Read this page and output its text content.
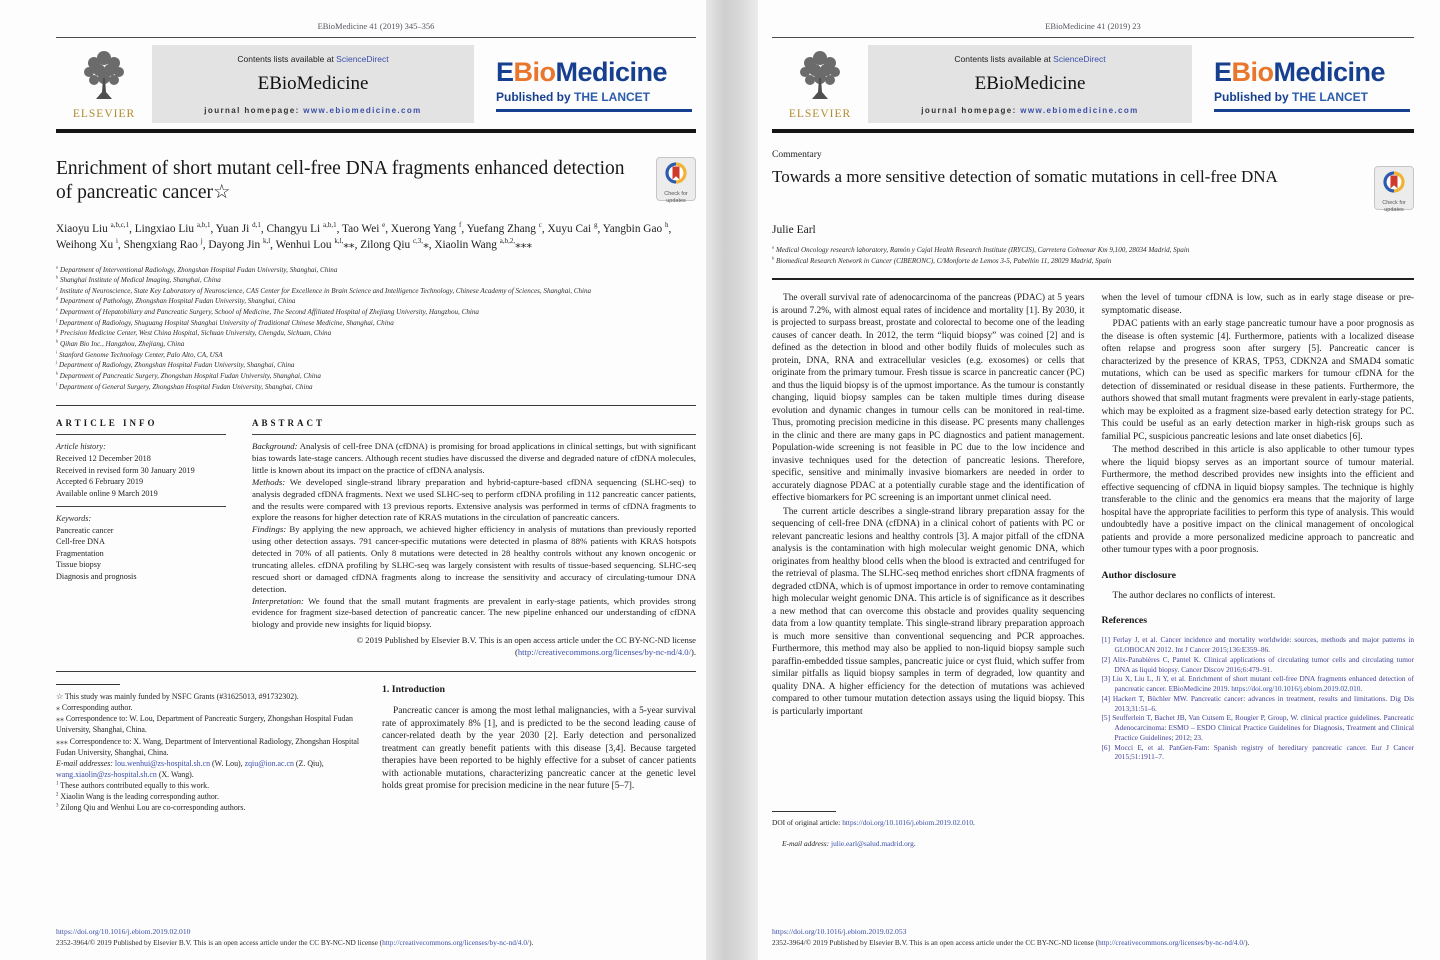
EBioMedicine 41 (2019) 345–356
ELSEVIER
Contents lists available at ScienceDirect
EBioMedicine
journal homepage: www.ebiomedicine.com
EBioMedicine
Published by THE LANCET
Enrichment of short mutant cell-free DNA fragments enhanced detection of pancreatic cancer☆	Check for
updates
Xiaoyu Liu $^{a,b,c,1}$, Lingxiao Liu $^{a,b,1}$, Yuan Ji $^{d,1}$, Changyu Li $^{a,b,1}$, Tao Wei $^e$, Xuerong Yang $^f$, Yuefang Zhang $^c$, Xuyu Cai $^g$, Yangbin Gao $^h$, Weihong Xu $^i$, Shengxiang Rao $^j$, Dayong Jin $^{k,l}$, Wenhui Lou $^{k,l,}$⁎⁎, Zilong Qiu $^{c,3,}$⁎, Xiaolin Wang $^{a,b,2,}$⁎⁎⁎
$^a$ Department of Interventional Radiology, Zhongshan Hospital Fudan University, Shanghai, China
$^b$ Shanghai Institute of Medical Imaging, Shanghai, China
$^c$ Institute of Neuroscience, State Key Laboratory of Neuroscience, CAS Center for Excellence in Brain Science and Intelligence Technology, Chinese Academy of Sciences, Shanghai, China
$^d$ Department of Pathology, Zhongshan Hospital Fudan University, Shanghai, China
$^e$ Department of Hepatobiliary and Pancreatic Surgery, School of Medicine, The Second Affiliated Hospital of Zhejiang University, Hangzhou, China
$^f$ Department of Radiology, Shuguang Hospital Shanghai University of Traditional Chinese Medicine, Shanghai, China
$^g$ Precision Medicine Center, West China Hospital, Sichuan University, Chengdu, Sichuan, China
$^h$ Qihan Bio Inc., Hangzhou, Zhejiang, China
$^i$ Stanford Genome Technology Center, Palo Alto, CA, USA
$^j$ Department of Radiology, Zhongshan Hospital Fudan University, Shanghai, China
$^k$ Department of Pancreatic Surgery, Zhongshan Hospital Fudan University, Shanghai, China
$^l$ Department of General Surgery, Zhongshan Hospital Fudan University, Shanghai, China
ARTICLE INFO
Article history:
Received 12 December 2018
Received in revised form 30 January 2019
Accepted 6 February 2019
Available online 9 March 2019
Keywords:
Pancreatic cancer
Cell-free DNA
Fragmentation
Tissue biopsy
Diagnosis and prognosis
ABSTRACT
Background: Analysis of cell-free DNA (cfDNA) is promising for broad applications in clinical settings, but with significant bias towards late-stage cancers. Although recent studies have discussed the diverse and degraded nature of cfDNA molecules, little is known about its impact on the practice of cfDNA analysis.
Methods: We developed single-strand library preparation and hybrid-capture-based cfDNA sequencing (SLHC-seq) to analysis degraded cfDNA fragments. Next we used SLHC-seq to perform cfDNA profiling in 112 pancreatic cancer patients, and the results were compared with 13 previous reports. Extensive analysis was performed in terms of cfDNA fragments to explore the reasons for higher detection rate of KRAS mutations in the circulation of pancreatic cancers.
Findings: By applying the new approach, we achieved higher efficiency in analysis of mutations than previously reported using other detection assays. 791 cancer-specific mutations were detected in plasma of 88% patients with KRAS hotspots detected in 70% of all patients. Only 8 mutations were detected in 28 healthy controls without any known oncogenic or truncating alleles. cfDNA profiling by SLHC-seq was largely consistent with results of tissue-based sequencing. SLHC-seq rescued short or damaged cfDNA fragments along to increase the sensitivity and accuracy of circulating-tumour DNA detection.
Interpretation: We found that the small mutant fragments are prevalent in early-stage patients, which provides strong evidence for fragment size-based detection of pancreatic cancer. The new pipeline enhanced our understanding of cfDNA biology and provide new insights for liquid biopsy.
© 2019 Published by Elsevier B.V. This is an open access article under the CC BY-NC-ND license (http://creativecommons.org/licenses/by-nc-nd/4.0/).
☆ This study was mainly funded by NSFC Grants (#31625013, #91732302).
⁎ Corresponding author.
⁎⁎ Correspondence to: W. Lou, Department of Pancreatic Surgery, Zhongshan Hospital Fudan University, Shanghai, China.
⁎⁎⁎ Correspondence to: X. Wang, Department of Interventional Radiology, Zhongshan Hospital Fudan University, Shanghai, China.
E-mail addresses: lou.wenhui@zs-hospital.sh.cn (W. Lou), zqiu@ion.ac.cn (Z. Qiu), wang.xiaolin@zs-hospital.sh.cn (X. Wang).
$^1$ These authors contributed equally to this work.
$^2$ Xiaolin Wang is the leading corresponding author.
$^3$ Zilong Qiu and Wenhui Lou are co-corresponding authors.
1. Introduction

Pancreatic cancer is among the most lethal malignancies, with a 5-year survival rate of approximately 8% [1], and is predicted to be the second leading cause of cancer-related death by the year 2030 [2]. Early detection and personalized treatment can greatly benefit patients with this disease [3,4]. Because targeted therapies have been reported to be highly effective for a subset of cancer patients with actionable mutations, characterizing pancreatic cancer at the genetic level holds great promise for precision medicine in the near future [5–7].

https://doi.org/10.1016/j.ebiom.2019.02.010
2352-3964/© 2019 Published by Elsevier B.V. This is an open access article under the CC BY-NC-ND license (http://creativecommons.org/licenses/by-nc-nd/4.0/).
EBioMedicine 41 (2019) 23
ELSEVIER
Contents lists available at ScienceDirect
EBioMedicine
journal homepage: www.ebiomedicine.com
EBioMedicine
Published by THE LANCET
Commentary
Towards a more sensitive detection of somatic mutations in cell-free DNA
Check for
updates
Julie Earl
$^a$ Medical Oncology research laboratory, Ramón y Cajal Health Research Institute (IRYCIS), Carretera Colmenar Km 9,100, 28034 Madrid, Spain
$^b$ Biomedical Research Network in Cancer (CIBERONC), C/Monforte de Lemos 3-5, Pabellón 11, 28029 Madrid, Spain

The overall survival rate of adenocarcinoma of the pancreas (PDAC) at 5 years is around 7.2%, with almost equal rates of incidence and mortality [1]. By 2030, it is projected to surpass breast, prostate and colorectal to become one of the leading causes of cancer death. In 2012, the term “liquid biopsy” was coined [2] and is defined as the detection in blood and other bodily fluids of molecules such as protein, DNA, RNA and extracellular vesicles (e.g. exosomes) or cells that originate from the primary tumour. Fresh tissue is scarce in pancreatic cancer (PC) and thus the liquid biopsy is of the upmost importance. As the tumour is constantly changing, liquid biopsy samples can be taken multiple times during disease evolution and dynamic changes in tumour cells can be monitored in real-time. Thus, promoting precision medicine in this disease. PC presents many challenges in the clinic and there are many gaps in PC diagnostics and patient management. Population-wide screening is not feasible in PC due to the low incidence and invasive techniques used for the detection of pancreatic lesions. Therefore, specific, sensitive and minimally invasive biomarkers are needed in order to accurately diagnose PDAC at a potentially curable stage and the identification of effective biomarkers for PC screening is an important unmet clinical need.

The current article describes a single-strand library preparation assay for the sequencing of cell-free DNA (cfDNA) in a clinical cohort of patients with PC or relevant pancreatic lesions and healthy controls [3]. A major pitfall of the cfDNA analysis is the contamination with high molecular weight genomic DNA, which originates from healthy blood cells when the blood is extracted and centrifuged for the retrieval of plasma. The SLHC-seq method enriches short cfDNA fragments of degraded ctDNA, which is of upmost importance in order to remove contaminating high molecular weight genomic DNA. This article is of significance as it describes a new method that can overcome this obstacle and provides quality sequencing data from a low quantity template. This single-strand library preparation approach is much more sensitive than conventional sequencing and PCR approaches. Furthermore, this method may also be applied to non-liquid biopsy sample such paraffin-embedded tissue samples, pancreatic juice or cyst fluid, which suffer from similar pitfalls as liquid biopsy samples in term of degraded, low quantity and quality DNA. A higher efficiency for the detection of mutations was achieved compared to other tumour mutation detection assays using the liquid biopsy. This is particularly important

DOI of original article: https://doi.org/10.1016/j.ebiom.2019.02.010.
E-mail address: julie.earl@salud.madrid.org.

when the level of tumour cfDNA is low, such as in early stage disease or pre-symptomatic disease.

PDAC patients with an early stage pancreatic tumour have a poor prognosis as the disease is often systemic [4]. Furthermore, patients with a localized disease often relapse and progress soon after surgery [5]. Pancreatic cancer is characterized by the presence of KRAS, TP53, CDKN2A and SMAD4 somatic mutations, which can be used as specific markers for tumour cfDNA for the detection of disseminated or residual disease in these patients. Furthermore, the authors showed that small mutant fragments were prevalent in early-stage patients, which may be exploited as a fragment size-based early detection strategy for PC. This could be useful as an early detection marker in high-risk groups such as familial PC, suspicious pancreatic lesions and late onset diabetics [6].

The method described in this article is also applicable to other tumour types where the liquid biopsy serves as an important source of tumour material. Furthermore, the method described provides new insights into the efficient and effective sequencing of cfDNA in liquid biopsy samples. The technique is highly transferable to the clinic and the genomics era means that the majority of large hospital have the appropriate facilities to perform this type of analysis. This would undoubtedly have a positive impact on the clinical management of oncological patients and provide a more personalized medicine approach to pancreatic and other tumour types with a poor prognosis.

Author disclosure

The author declares no conflicts of interest.

References
[1] Ferlay J, et al. Cancer incidence and mortality worldwide: sources, methods and major patterns in GLOBOCAN 2012. Int J Cancer 2015;136:E359–86.
[2] Alix-Panabières C, Pantel K. Clinical applications of circulating tumor cells and circulating tumor DNA as liquid biopsy. Cancer Discov 2016;6:479–91.
[3] Liu X, Liu L, Ji Y, et al. Enrichment of short mutant cell-free DNA fragments enhanced detection of pancreatic cancer. EBioMedicine 2019. https://doi.org/10.1016/j.ebiom.2019.02.010.
[4] Hackert T, Büchler MW. Pancreatic cancer: advances in treatment, results and limitations. Dig Dis 2013;31:51–6.
[5] Seufferlein T, Bachet JB, Van Cutsem E, Rougier P, Group, W. clinical practice guidelines. Pancreatic Adenocarcinoma: ESMO – ESDO Clinical Practice Guidelines for Diagnosis, Treatment and Clinical Practice Guidelines; 2012; 23.
[6] Mocci E, et al. PanGen-Fam: Spanish registry of hereditary pancreatic cancer. Eur J Cancer 2015;51:1911–7.
https://doi.org/10.1016/j.ebiom.2019.02.053
2352-3964/© 2019 Published by Elsevier B.V. This is an open access article under the CC BY-NC-ND license (http://creativecommons.org/licenses/by-nc-nd/4.0/).
